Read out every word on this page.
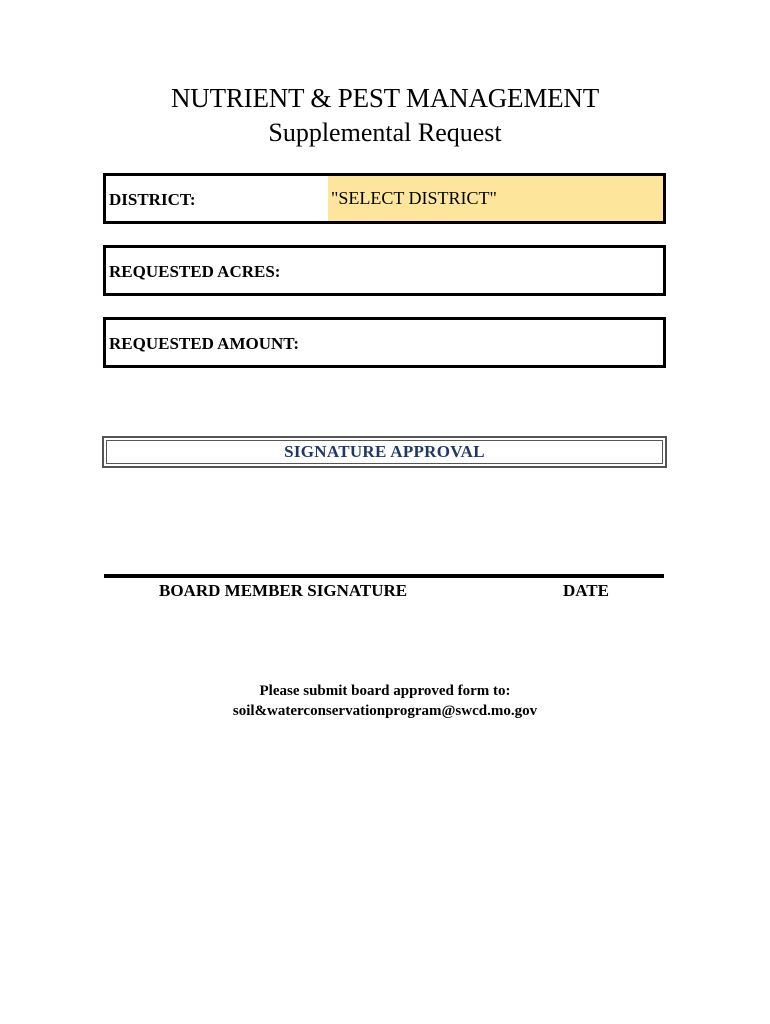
NUTRIENT & PEST MANAGEMENT
Supplemental Request
DISTRICT:	"SELECT DISTRICT"
REQUESTED ACRES:
REQUESTED AMOUNT:
SIGNATURE APPROVAL
BOARD MEMBER SIGNATURE	DATE
Please submit board approved form to:
soil&waterconservationprogram@swcd.mo.gov
